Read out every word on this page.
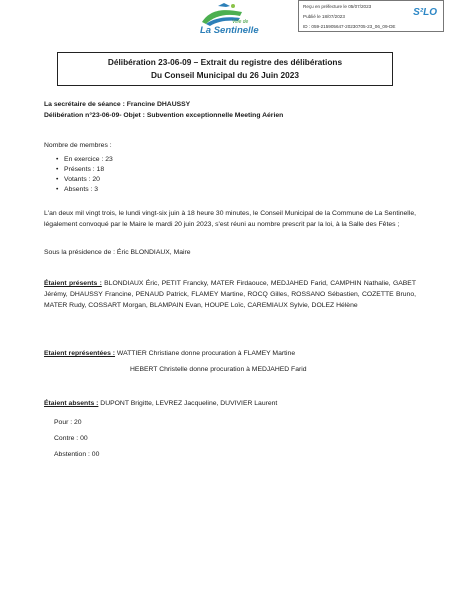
Ville de
La Sentinelle
Reçu en préfecture le 05/07/2023
Publié le 18/07/2023
ID : 059-215905647-20230705-23_06_09-DE
S²LO
Délibération 23-06-09 – Extrait du registre des délibérations
Du Conseil Municipal du 26 Juin 2023
La secrétaire de séance : Francine DHAUSSY
Délibération n°23-06-09- Objet : Subvention exceptionnelle Meeting Aérien
Nombre de membres :
•   En exercice : 23
•   Présents : 18
•   Votants : 20
•   Absents : 3
L'an deux mil vingt trois, le lundi vingt-six juin à 18 heure 30 minutes, le Conseil Municipal de la Commune de La Sentinelle, légalement convoqué par le Maire le mardi 20 juin 2023, s'est réuni au nombre prescrit par la loi, à la Salle des Fêtes ;
Sous la présidence de : Éric BLONDIAUX, Maire
Étaient présents : BLONDIAUX Éric, PETIT Francky, MATER Firdaouce, MEDJAHED Farid, CAMPHIN Nathalie, GABET Jérémy, DHAUSSY Francine, PENAUD Patrick, FLAMEY Martine, ROCQ Gilles, ROSSANO Sébastien, COZETTE Bruno, MATER Rudy, COSSART Morgan, BLAMPAIN Evan, HOUPE Loïc, CAREMIAUX Sylvie, DOLEZ Hélène
Etaient représentées : WATTIER Christiane donne procuration à FLAMEY Martine
HEBERT Christelle donne procuration à MEDJAHED Farid
Étaient absents : DUPONT Brigitte, LEVREZ Jacqueline, DUVIVIER Laurent
Pour : 20
Contre : 00
Abstention : 00
